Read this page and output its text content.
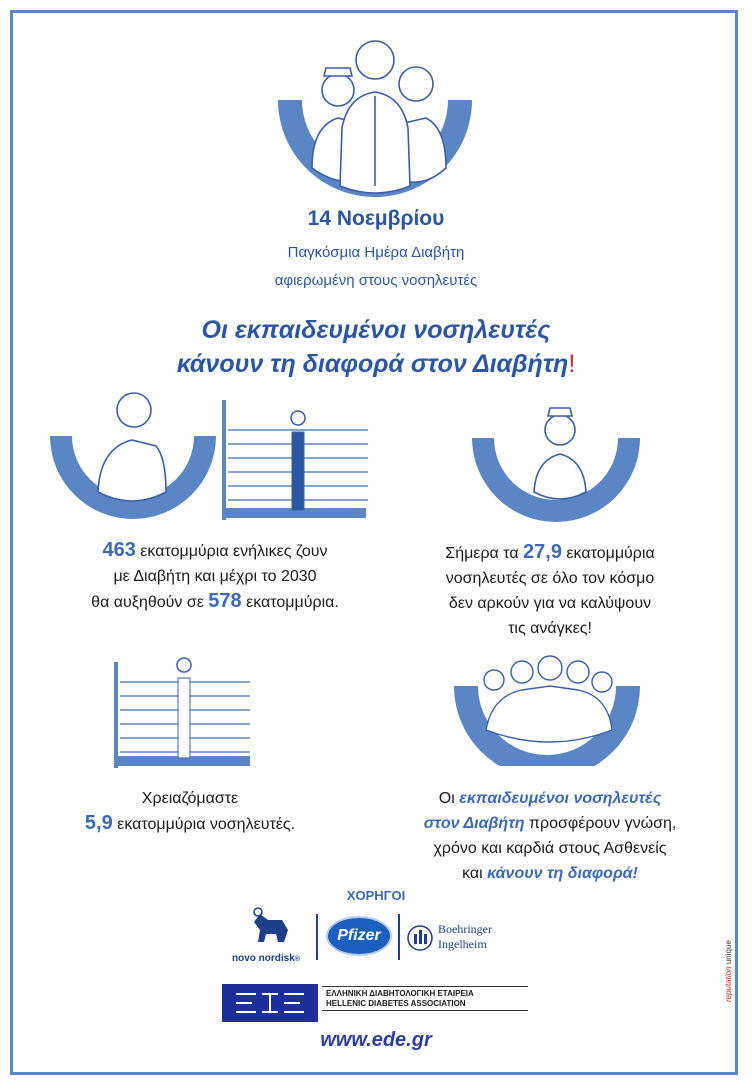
14 Νοεμβρίου
Παγκόσμια Ημέρα Διαβήτη
αφιερωμένη στους νοσηλευτές
Οι εκπαιδευμένοι νοσηλευτές
κάνουν τη διαφορά στον Διαβήτη!
463 εκατομμύρια ενήλικες ζουν
με Διαβήτη και μέχρι το 2030
θα αυξηθούν σε 578 εκατομμύρια.
Σήμερα τα 27,9 εκατομμύρια
νοσηλευτές σε όλο τον κόσμο
δεν αρκούν για να καλύψουν
τις ανάγκες!
Χρειαζόμαστε
5,9 εκατομμύρια νοσηλευτές.
Οι εκπαιδευμένοι νοσηλευτές
στον Διαβήτη προσφέρουν γνώση,
χρόνο και καρδιά στους Ασθενείς
και κάνουν τη διαφορά!
ΧΟΡΗΓΟΙ
novo nordisk®
Pfizer	Boehringer
Ingelheim
ΕΛΛΗΝΙΚΗ ΔΙΑΒΗΤΟΛΟΓΙΚΗ ΕΤΑΙΡΕΙΑ
HELLENIC DIABETES ASSOCIATION
www.ede.gr
reputation unique
